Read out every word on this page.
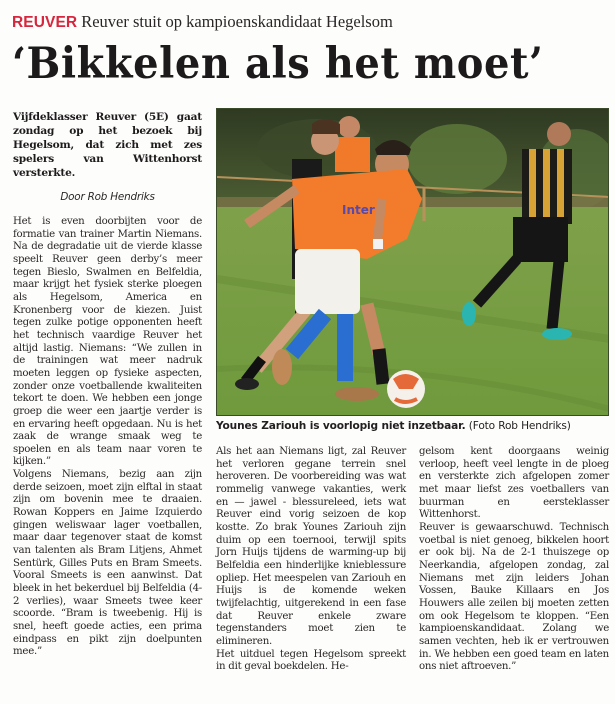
REUVER Reuver stuit op kampioenskandidaat Hegelsom
‘Bikkelen als het moet’

Vijfdeklasser Reuver (5E) gaat zondag op het bezoek bij Hegelsom, dat zich met zes spelers van Wittenhorst versterkte.

Door Rob Hendriks

Het is even doorbijten voor de formatie van trainer Martin Niemans. Na de degradatie uit de vierde klasse speelt Reuver geen derby’s meer tegen Bieslo, Swalmen en Belfeldia, maar krijgt het fysiek sterke ploegen als Hegelsom, America en Kronenberg voor de kiezen. Juist tegen zulke potige opponenten heeft het technisch vaardige Reuver het altijd lastig. Niemans: “We zullen in de trainingen wat meer nadruk moeten leggen op fysieke aspecten, zonder onze voetballende kwaliteiten tekort te doen. We hebben een jonge groep die weer een jaartje verder is en ervaring heeft opgedaan. Nu is het zaak de wrange smaak weg te spoelen en als team naar voren te kijken.”

Volgens Niemans, bezig aan zijn derde seizoen, moet zijn elftal in staat zijn om bovenin mee te draaien. Rowan Koppers en Jaime Izquierdo gingen weliswaar lager voetballen, maar daar tegenover staat de komst van talenten als Bram Litjens, Ahmet Sentürk, Gilles Puts en Bram Smeets. Vooral Smeets is een aanwinst. Dat bleek in het bekerduel bij Belfeldia (4-2 verlies), waar Smeets twee keer scoorde. “Bram is tweebenig. Hij is snel, heeft goede acties, een prima eindpass en pikt zijn doelpunten mee.”

Inter
Younes Zariouh is voorlopig niet inzetbaar. (Foto Rob Hendriks)

Als het aan Niemans ligt, zal Reuver het verloren gegane terrein snel heroveren. De voorbereiding was wat rommelig vanwege vakanties, werk en — jawel - blessureleed, iets wat Reuver eind vorig seizoen de kop kostte. Zo brak Younes Zariouh zijn duim op een toernooi, terwijl spits Jorn Huijs tijdens de warming-up bij Belfeldia een hinderlijke knieblessure opliep. Het meespelen van Zariouh en Huijs is de komende weken twijfelachtig, uitgerekend in een fase dat Reuver enkele zware tegenstanders moet zien te elimineren.

Het uitduel tegen Hegelsom spreekt in dit geval boekdelen. He-

gelsom kent doorgaans weinig verloop, heeft veel lengte in de ploeg en versterkte zich afgelopen zomer met maar liefst zes voetballers van buurman en eersteklasser Wittenhorst.

Reuver is gewaarschuwd. Technisch voetbal is niet genoeg, bikkelen hoort er ook bij. Na de 2-1 thuiszege op Neerkandia, afgelopen zondag, zal Niemans met zijn leiders Johan Vossen, Bauke Killaars en Jos Houwers alle zeilen bij moeten zetten om ook Hegelsom te kloppen. “Een kampioenskandidaat. Zolang we samen vechten, heb ik er vertrouwen in. We hebben een goed team en laten ons niet aftroeven.”
